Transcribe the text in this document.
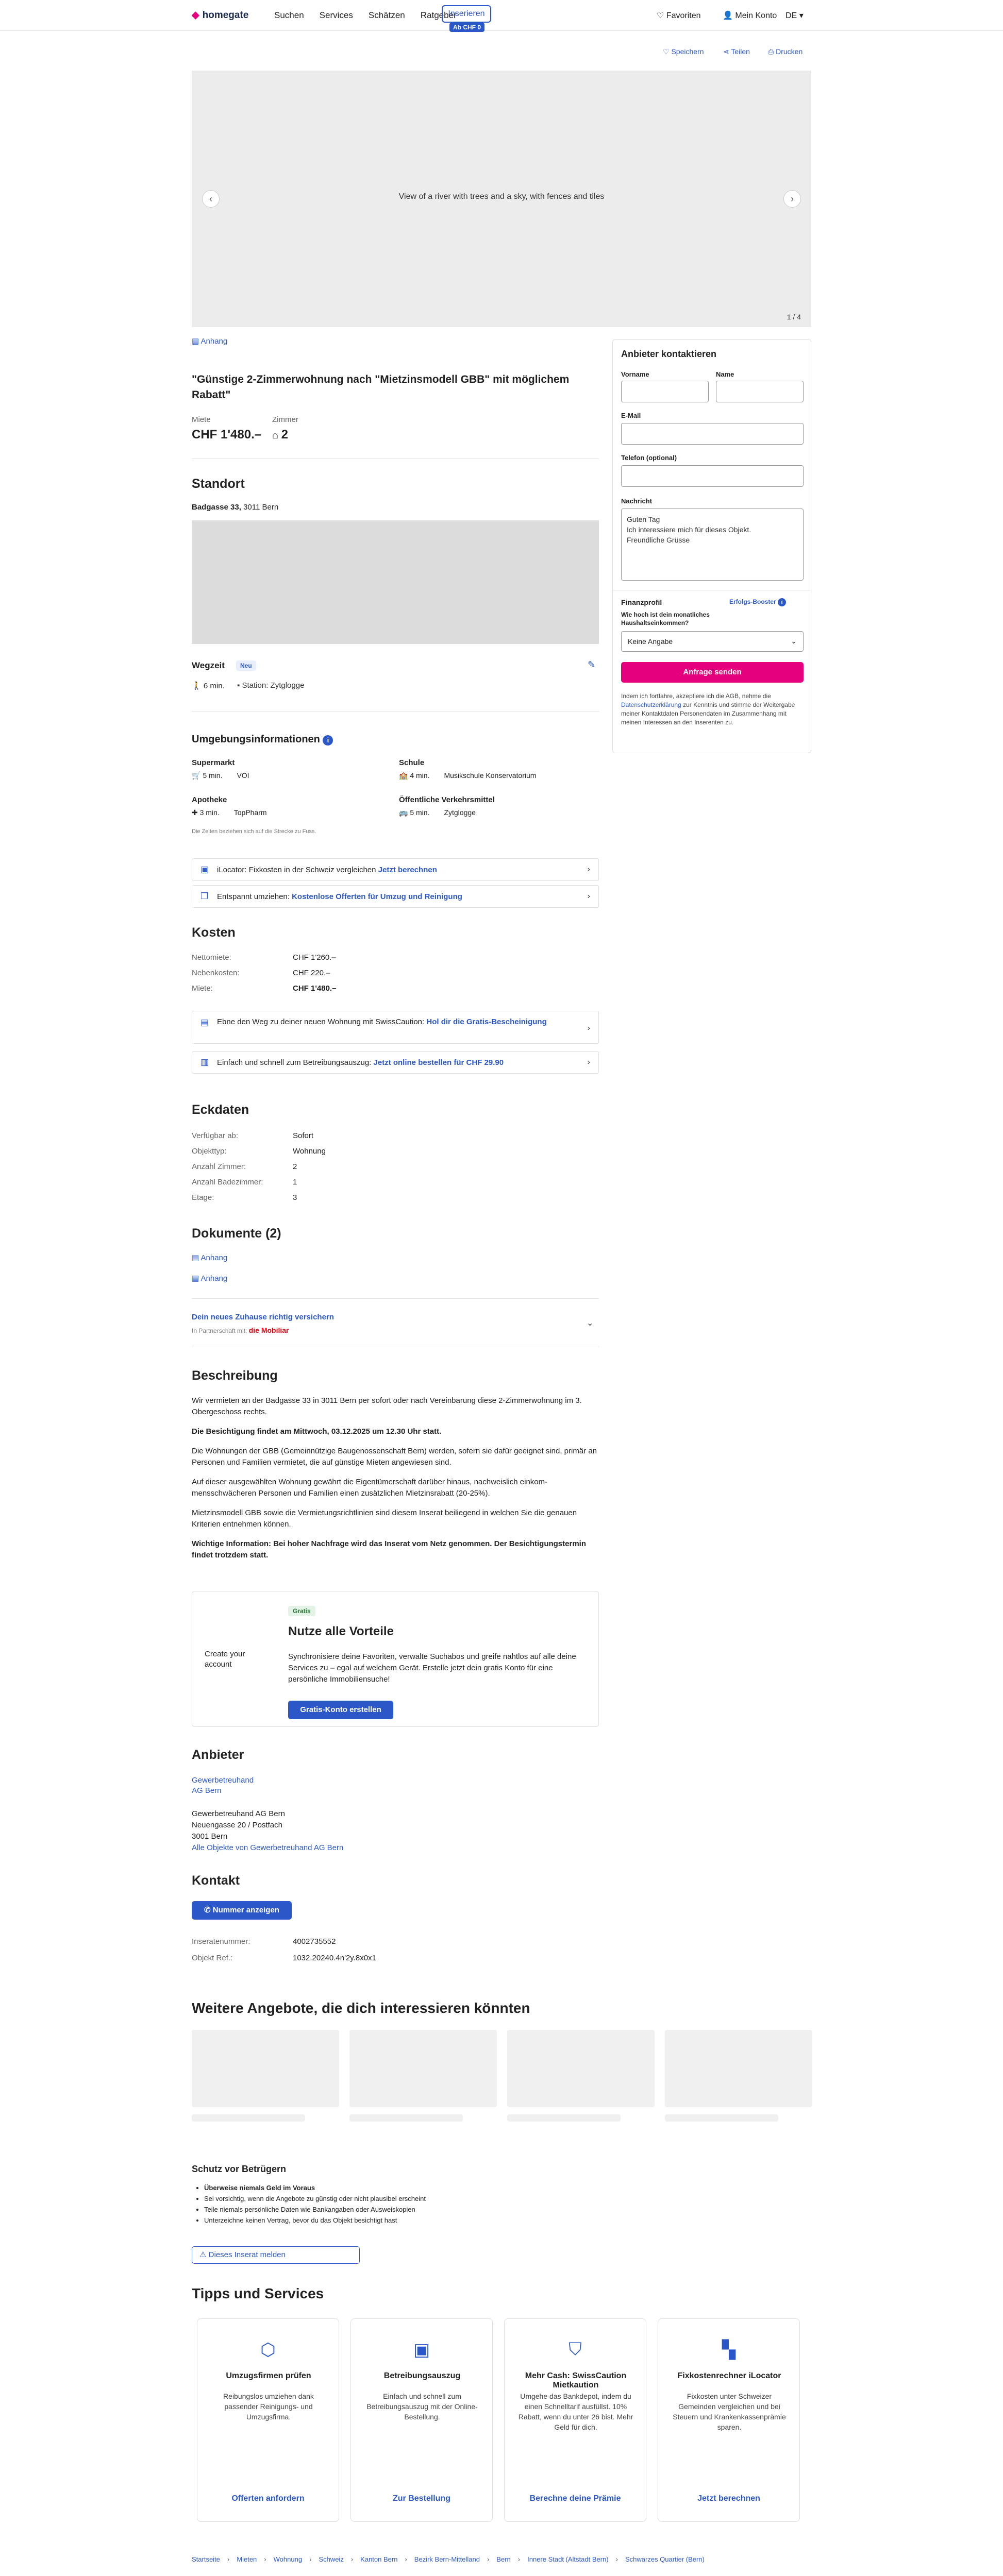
◆ homegate	Suchen Services Schätzen Ratgeber
Inserieren
Ab CHF 0
♡ Favoriten	👤 Mein Konto DE ▾
♡ Speichern	⋖ Teilen	⎙ Drucken
View of a river with trees and a sky, with fences and tiles
‹	›
1 / 4
▤ Anhang
"Günstige 2-Zimmerwohnung nach "Mietzinsmodell GBB" mit möglichem Rabatt"
Miete
CHF 1'480.–
Zimmer
⌂ 2
Standort
Badgasse 33, 3011 Bern
Wegzeit	Neu	✎
🚶 6 min. ▪ Station: Zytglogge
Umgebungsinformationen i
Supermarkt
🛒 5 min. VOI
Schule
🏫 4 min. Musikschule Konservatorium
Apotheke
✚ 3 min. TopPharm
Öffentliche Verkehrsmittel
🚌 5 min. Zytglogge
Die Zeiten beziehen sich auf die Strecke zu Fuss.
▣ iLocator: Fixkosten in der Schweiz vergleichen Jetzt berechnen	›
❒ Entspannt umziehen: Kostenlose Offerten für Umzug und Reinigung	›
Kosten
Nettomiete:	CHF 1'260.–
Nebenkosten:	CHF 220.–
Miete:	CHF 1'480.–
▤ Ebne den Weg zu deiner neuen Wohnung mit SwissCaution: Hol dir die Gratis-Bescheinigung
›
▥ Einfach und schnell zum Betreibungsauszug: Jetzt online bestellen für CHF 29.90	›
Eckdaten
Verfügbar ab:	Sofort
Objekttyp:	Wohnung
Anzahl Zimmer:	2
Anzahl Badezimmer:	1
Etage:	3
Dokumente (2)
▤ Anhang
▤ Anhang
Dein neues Zuhause richtig versichern
In Partnerschaft mit: die Mobiliar
⌄
Beschreibung

Wir vermieten an der Badgasse 33 in 3011 Bern per sofort oder nach Vereinbarung diese 2-Zimmerwohnung im 3. Obergeschoss rechts.

Die Besichtigung findet am Mittwoch, 03.12.2025 um 12.30 Uhr statt.

Die Wohnungen der GBB (Gemeinnützige Baugenossenschaft Bern) werden, sofern sie dafür geeignet sind, primär an Personen und Familien vermietet, die auf günstige Mieten angewiesen sind.

Auf dieser ausgewählten Wohnung gewährt die Eigentümerschaft darüber hinaus, nachweislich einkommensschwächeren Personen und Familien einen zusätzlichen Mietzinsrabatt (20-25%).

Mietzinsmodell GBB sowie die Vermietungsrichtlinien sind diesem Inserat beiliegend in welchen Sie die genauen Kriterien entnehmen können.

Wichtige Information: Bei hoher Nachfrage wird das Inserat vom Netz genommen. Der Besichtigungstermin findet trotzdem statt.

Create your account
Gratis
Nutze alle Vorteile
Synchronisiere deine Favoriten, verwalte Suchabos und greife nahtlos auf alle deine Services zu – egal auf welchem Gerät. Erstelle jetzt dein gratis Konto für eine persönliche Immobiliensuche!
Gratis-Konto erstellen
Anbieter
Gewerbetreuhand
AG Bern
Gewerbetreuhand AG Bern
Neuengasse 20 / Postfach
3001 Bern
Alle Objekte von Gewerbetreuhand AG Bern
Kontakt
✆ Nummer anzeigen
Inseratenummer:	4002735552
Objekt Ref.:	1032.20240.4n'2y.8x0x1
Weitere Angebote, die dich interessieren könnten
Schutz vor Betrügern
• Überweise niemals Geld im Voraus
• Sei vorsichtig, wenn die Angebote zu günstig oder nicht plausibel erscheint
• Teile niemals persönliche Daten wie Bankangaben oder Ausweiskopien
• Unterzeichne keinen Vertrag, bevor du das Objekt besichtigt hast
⚠ Dieses Inserat melden
Tipps und Services
⬡
Umzugsfirmen prüfen

Reibungslos umziehen dank passender Reinigungs- und Umzugsfirma.

Offerten anfordern
▣
Betreibungsauszug

Einfach und schnell zum Betreibungsauszug mit der Online-Bestellung.

Zur Bestellung
⛉
Mehr Cash: SwissCaution Mietkaution

Umgehe das Bankdepot, indem du einen Schnelltarif ausfüllst. 10% Rabatt, wenn du unter 26 bist. Mehr Geld für dich.

Berechne deine Prämie
▚
Fixkostenrechner iLocator

Fixkosten unter Schweizer Gemeinden vergleichen und bei Steuern und Krankenkassenprämie sparen.

Jetzt berechnen
Startseite › Mieten › Wohnung › Schweiz › Kanton Bern › Bezirk Bern-Mittelland › Bern › Innere Stadt (Altstadt Bern) › Schwarzes Quartier (Bern)
Anbieter kontaktieren
Vorname	Name
E-Mail
Telefon (optional)
Nachricht
Guten Tag
Ich interessiere mich für dieses Objekt.
Freundliche Grüsse
Finanzprofil	Erfolgs-Booster i
Wie hoch ist dein monatliches Haushaltseinkommen?
Keine Angabe	⌄
Anfrage senden
Indem ich fortfahre, akzeptiere ich die AGB, nehme die Datenschutzerklärung zur Kenntnis und stimme der Weitergabe meiner Kontaktdaten Personendaten im Zusammenhang mit meinen Interessen an den Inserenten zu.
